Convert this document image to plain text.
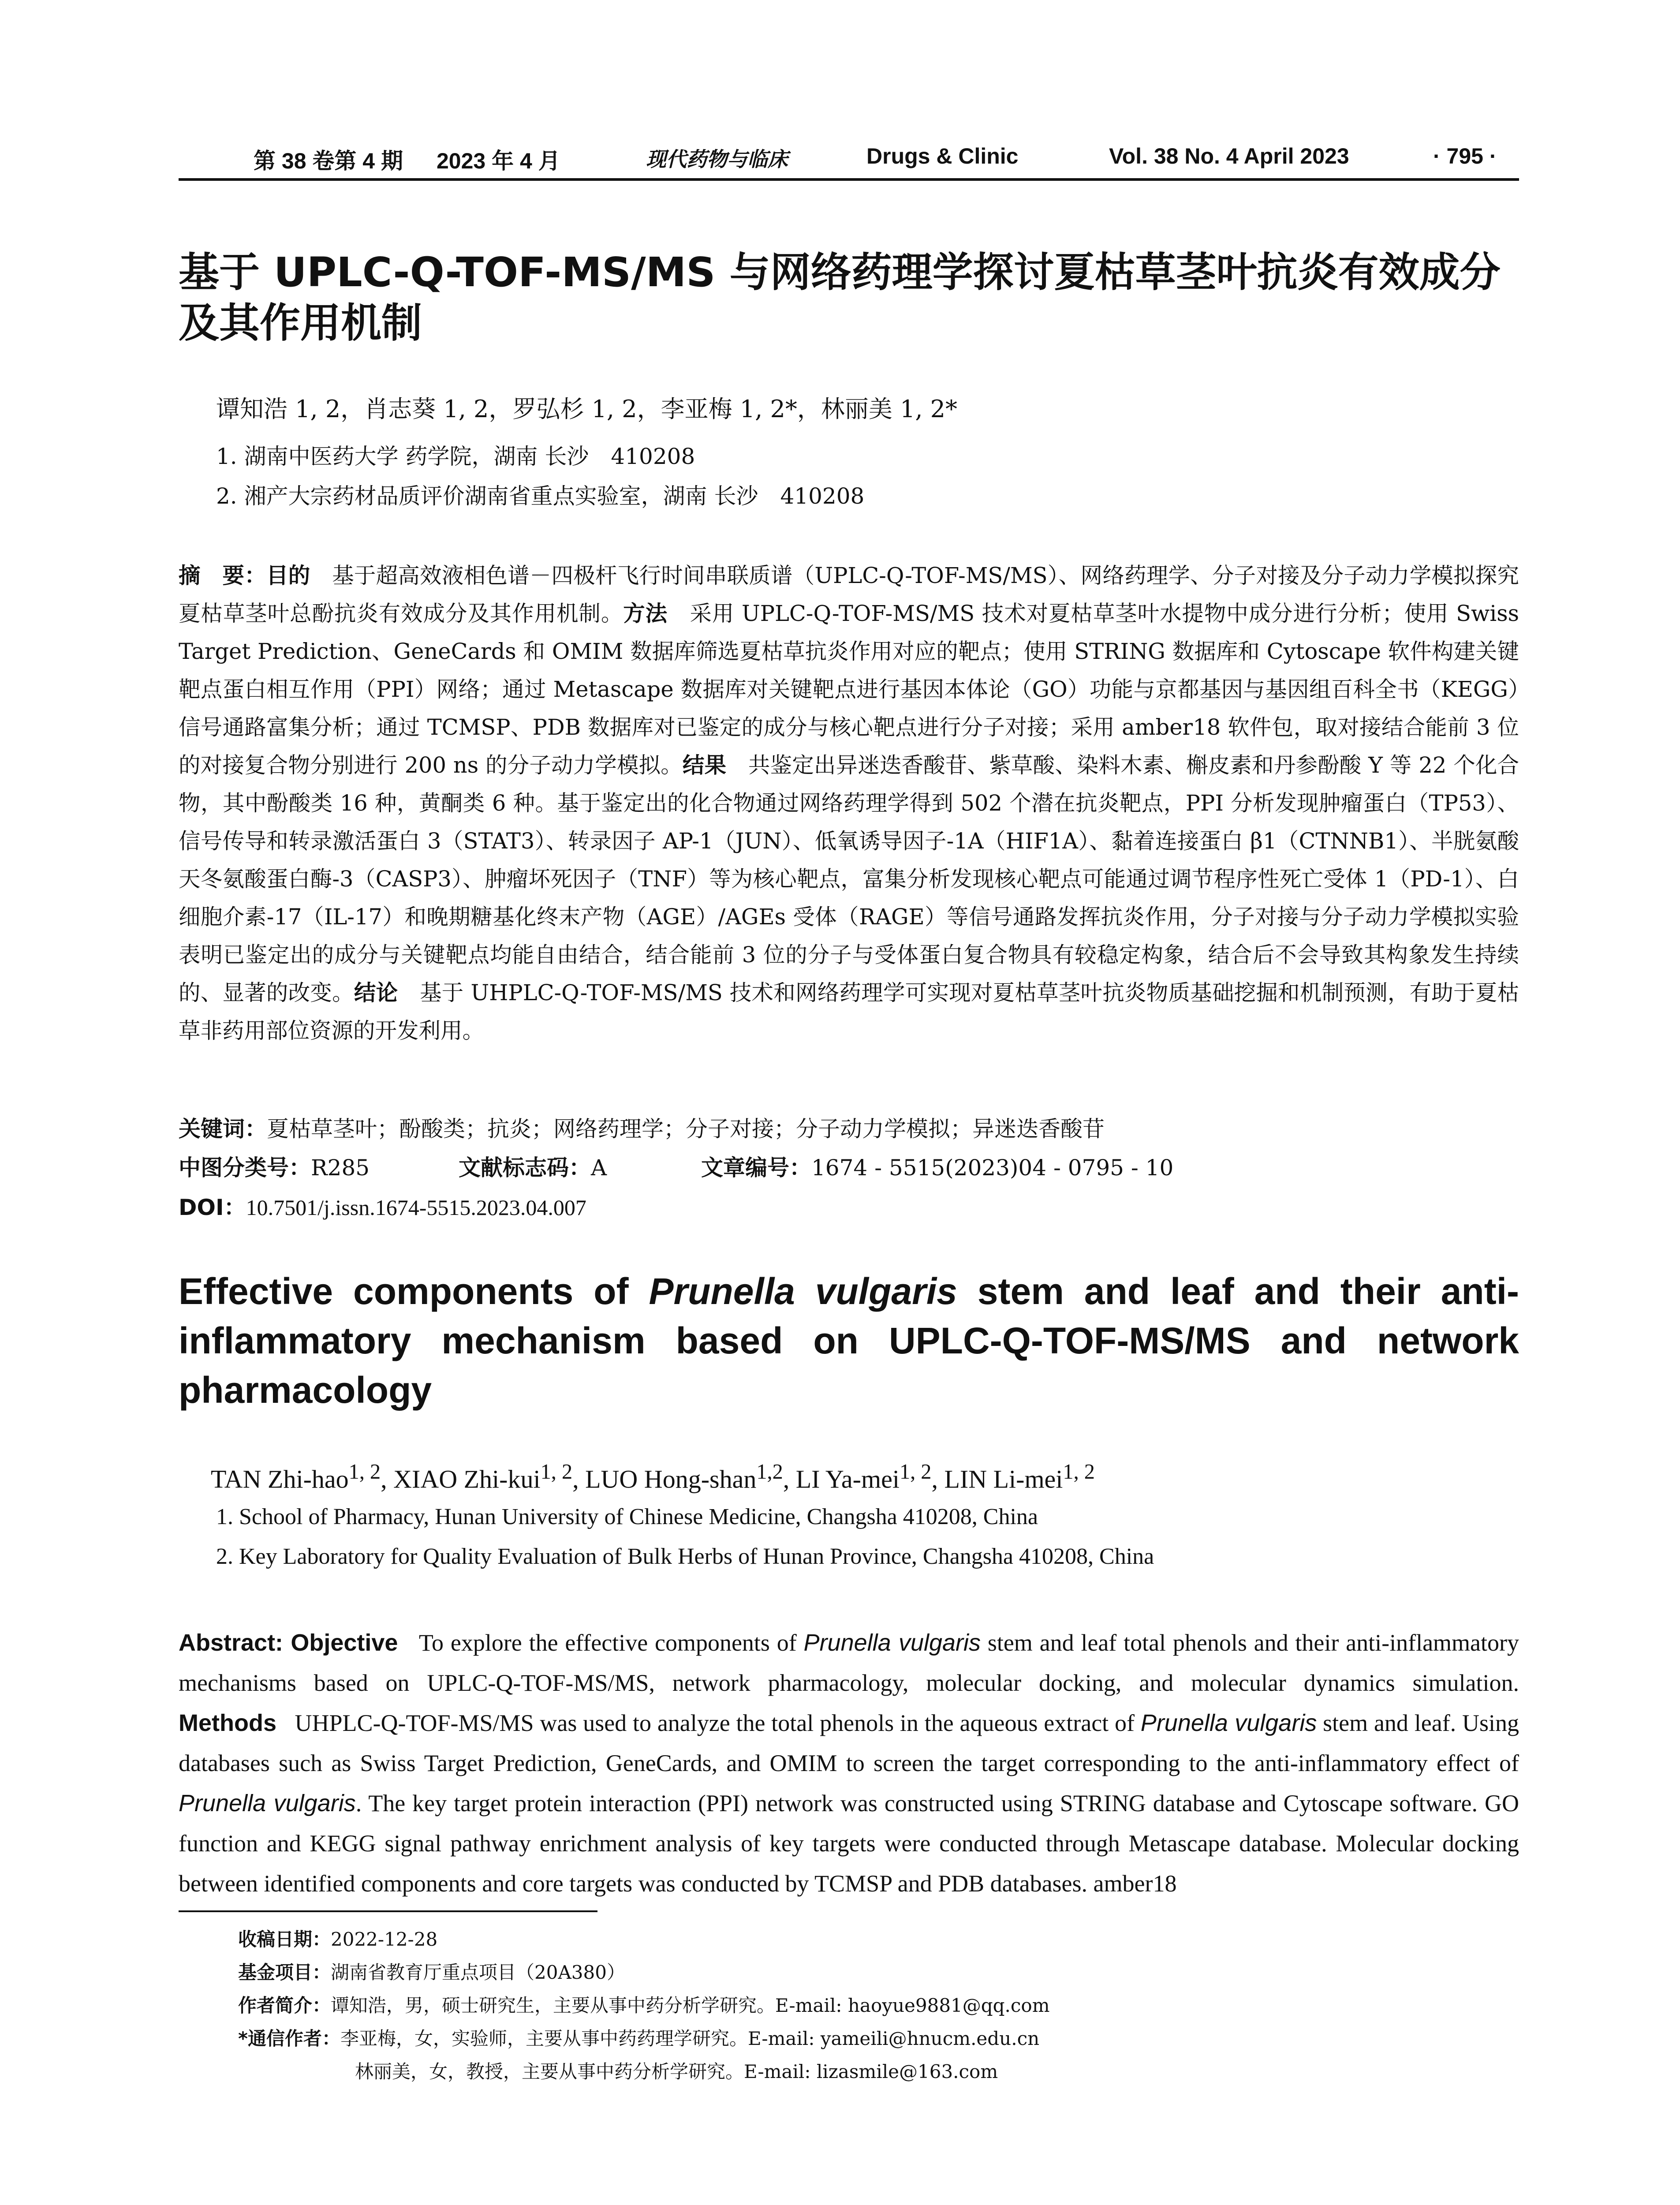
第 38 卷第 4 期 2023 年 4 月	现代药物与临床	Drugs & Clinic	Vol. 38 No. 4 April 2023	· 795 ·
基于 UPLC-Q-TOF-MS/MS 与网络药理学探讨夏枯草茎叶抗炎有效成分及其作用机制
谭知浩 1, 2，肖志葵 1, 2，罗弘杉 1, 2，李亚梅 1, 2*，林丽美 1, 2*
1. 湖南中医药大学 药学院，湖南 长沙　410208
2. 湘产大宗药材品质评价湖南省重点实验室，湖南 长沙　410208
摘　要：目的　 基于超高效液相色谱－四极杆飞行时间串联质谱（UPLC-Q-TOF-MS/MS）、网络药理学、分子对接及分子动力学模拟探究夏枯草茎叶总酚抗炎有效成分及其作用机制。方法　 采用 UPLC-Q-TOF-MS/MS 技术对夏枯草茎叶水提物中成分进行分析；使用 Swiss Target Prediction、GeneCards 和 OMIM 数据库筛选夏枯草抗炎作用对应的靶点；使用 STRING 数据库和 Cytoscape 软件构建关键靶点蛋白相互作用（PPI）网络；通过 Metascape 数据库对关键靶点进行基因本体论（GO）功能与京都基因与基因组百科全书（KEGG）信号通路富集分析；通过 TCMSP、PDB 数据库对已鉴定的成分与核心靶点进行分子对接；采用 amber18 软件包，取对接结合能前 3 位的对接复合物分别进行 200 ns 的分子动力学模拟。结果　 共鉴定出异迷迭香酸苷、紫草酸、染料木素、槲皮素和丹参酚酸 Y 等 22 个化合物，其中酚酸类 16 种，黄酮类 6 种。基于鉴定出的化合物通过网络药理学得到 502 个潜在抗炎靶点，PPI 分析发现肿瘤蛋白（TP53）、信号传导和转录激活蛋白 3（STAT3）、转录因子 AP-1（JUN）、低氧诱导因子-1A（HIF1A）、黏着连接蛋白 β1（CTNNB1）、半胱氨酸天冬氨酸蛋白酶-3（CASP3）、肿瘤坏死因子（TNF）等为核心靶点，富集分析发现核心靶点可能通过调节程序性死亡受体 1（PD-1）、白细胞介素-17（IL-17）和晚期糖基化终末产物（AGE）/AGEs 受体（RAGE）等信号通路发挥抗炎作用，分子对接与分子动力学模拟实验表明已鉴定出的成分与关键靶点均能自由结合，结合能前 3 位的分子与受体蛋白复合物具有较稳定构象，结合后不会导致其构象发生持续的、显著的改变。结论　 基于 UHPLC-Q-TOF-MS/MS 技术和网络药理学可实现对夏枯草茎叶抗炎物质基础挖掘和机制预测，有助于夏枯草非药用部位资源的开发利用。
关键词：夏枯草茎叶；酚酸类；抗炎；网络药理学；分子对接；分子动力学模拟；异迷迭香酸苷
中图分类号：R285	文献标志码：A	文章编号：1674 - 5515(2023)04 - 0795 - 10
DOI：10.7501/j.issn.1674-5515.2023.04.007
Effective components of Prunella vulgaris stem and leaf and their anti-inflammatory mechanism based on UPLC-Q-TOF-MS/MS and network pharmacology
TAN Zhi-hao$^{1, 2}$, XIAO Zhi-kui$^{1, 2}$, LUO Hong-shan$^{1,2}$, LI Ya-mei$^{1, 2}$, LIN Li-mei$^{1, 2}$
1. School of Pharmacy, Hunan University of Chinese Medicine, Changsha 410208, China
2. Key Laboratory for Quality Evaluation of Bulk Herbs of Hunan Province, Changsha 410208, China
Abstract: Objective To explore the effective components of Prunella vulgaris stem and leaf total phenols and their anti-inflammatory mechanisms based on UPLC-Q-TOF-MS/MS, network pharmacology, molecular docking, and molecular dynamics simulation. Methods UHPLC-Q-TOF-MS/MS was used to analyze the total phenols in the aqueous extract of Prunella vulgaris stem and leaf. Using databases such as Swiss Target Prediction, GeneCards, and OMIM to screen the target corresponding to the anti-inflammatory effect of Prunella vulgaris. The key target protein interaction (PPI) network was constructed using STRING database and Cytoscape software. GO function and KEGG signal pathway enrichment analysis of key targets were conducted through Metascape database. Molecular docking between identified components and core targets was conducted by TCMSP and PDB databases. amber18
收稿日期：2022-12-28
基金项目：湖南省教育厅重点项目（20A380）
作者简介：谭知浩，男，硕士研究生，主要从事中药分析学研究。E-mail: haoyue9881@qq.com
*通信作者：李亚梅，女，实验师，主要从事中药药理学研究。E-mail: yameili@hnucm.edu.cn
林丽美，女，教授，主要从事中药分析学研究。E-mail: lizasmile@163.com
